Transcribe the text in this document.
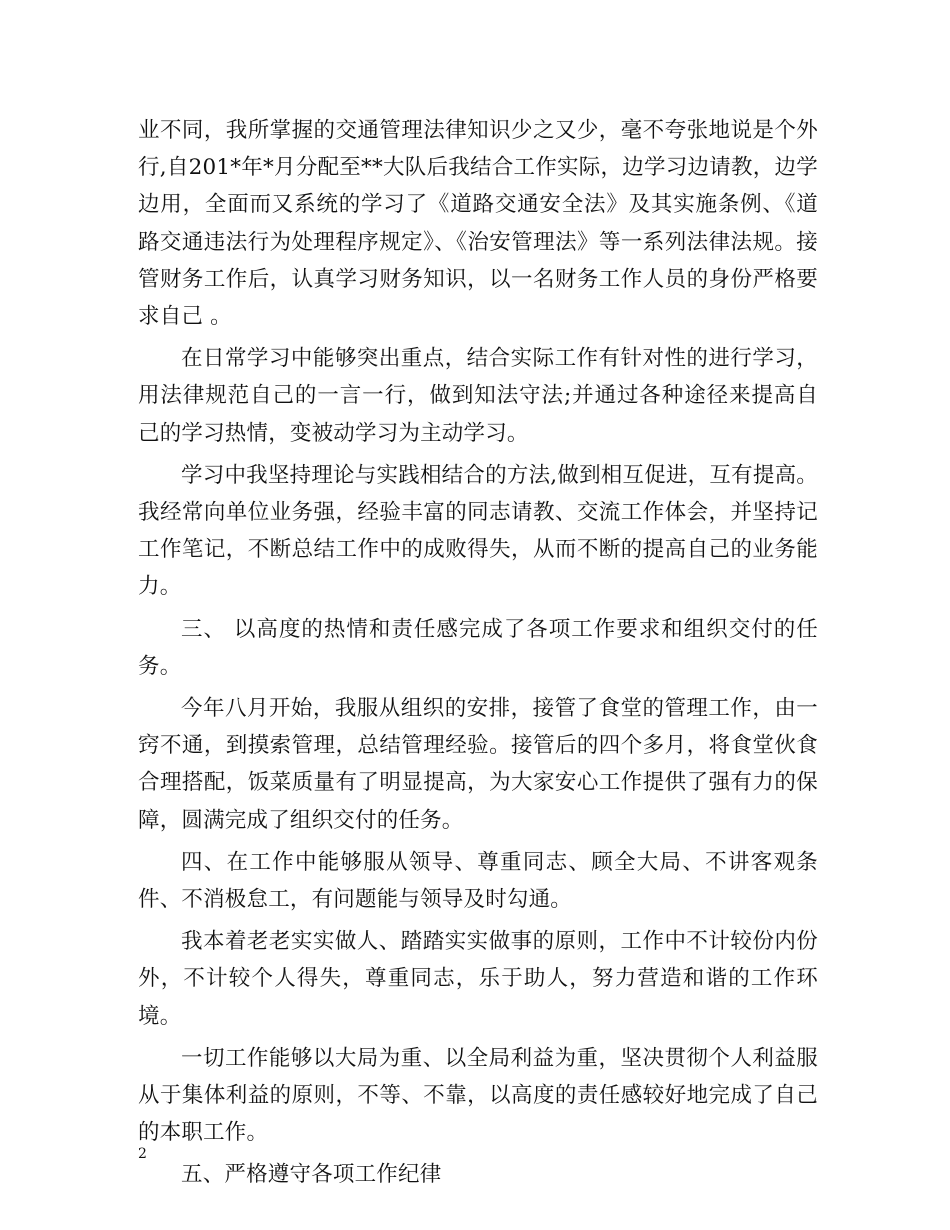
业不同，我所掌握的交通管理法律知识少之又少，毫不夸张地说是个外行,自201*年*月分配至**大队后我结合工作实际，边学习边请教，边学边用，全面而又系统的学习了《道路交通安全法》及其实施条例、《道路交通违法行为处理程序规定》、《治安管理法》等一系列法律法规。接管财务工作后，认真学习财务知识，以一名财务工作人员的身份严格要求自己 。

在日常学习中能够突出重点，结合实际工作有针对性的进行学习，用法律规范自己的一言一行，做到知法守法;并通过各种途径来提高自己的学习热情，变被动学习为主动学习。

学习中我坚持理论与实践相结合的方法,做到相互促进，互有提高。我经常向单位业务强，经验丰富的同志请教、交流工作体会，并坚持记工作笔记，不断总结工作中的成败得失，从而不断的提高自己的业务能力。

三、 以高度的热情和责任感完成了各项工作要求和组织交付的任务。

今年八月开始，我服从组织的安排，接管了食堂的管理工作，由一窍不通，到摸索管理，总结管理经验。接管后的四个多月，将食堂伙食合理搭配，饭菜质量有了明显提高，为大家安心工作提供了强有力的保障，圆满完成了组织交付的任务。

四、在工作中能够服从领导、尊重同志、顾全大局、不讲客观条件、不消极怠工，有问题能与领导及时勾通。

我本着老老实实做人、踏踏实实做事的原则，工作中不计较份内份外，不计较个人得失，尊重同志，乐于助人，努力营造和谐的工作环境。

一切工作能够以大局为重、以全局利益为重，坚决贯彻个人利益服从于集体利益的原则，不等、不靠，以高度的责任感较好地完成了自己的本职工作。

五、严格遵守各项工作纪律

2
